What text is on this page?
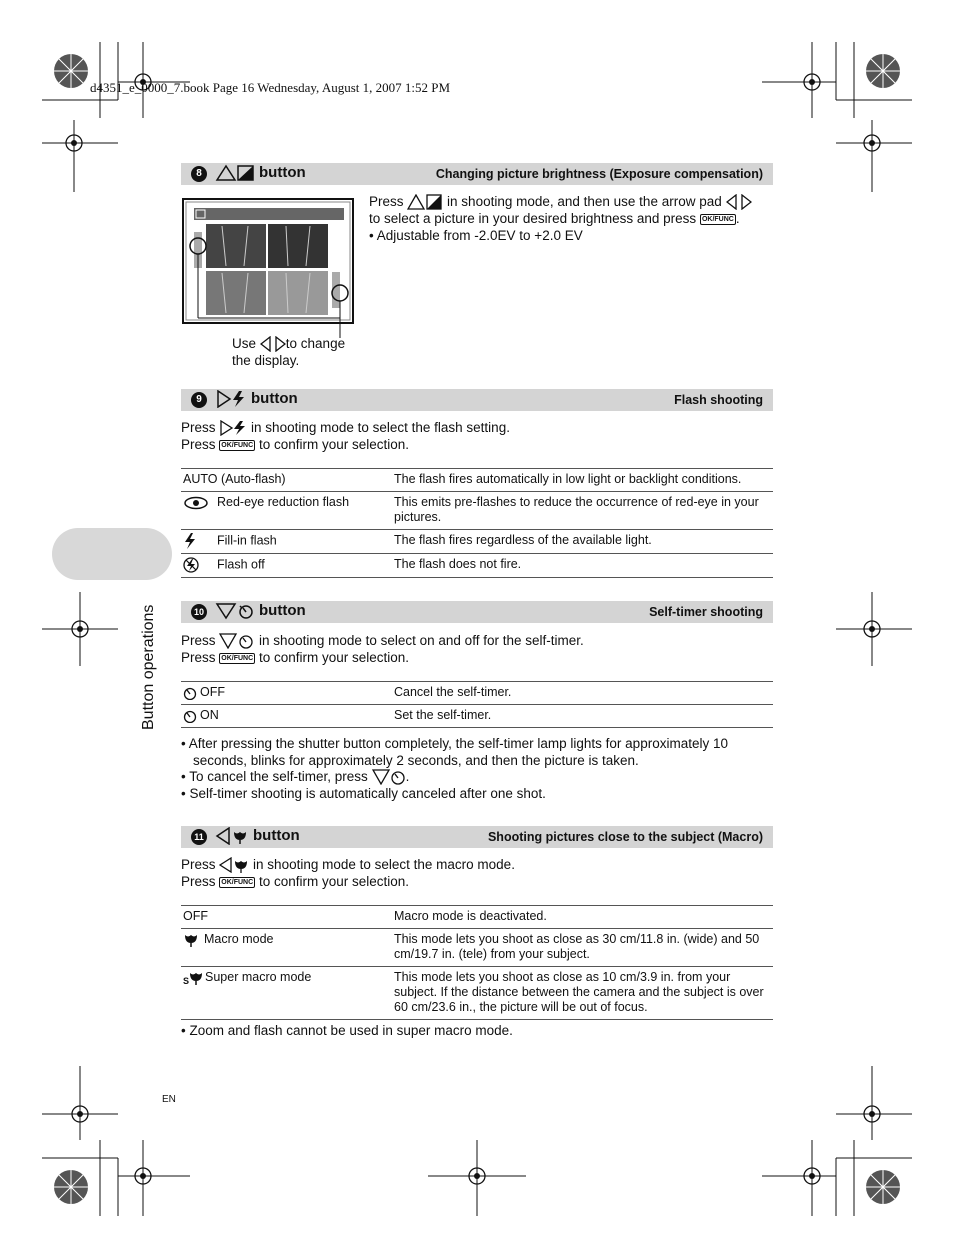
d4351_e_0000_7.book Page 16 Wednesday, August 1, 2007 1:52 PM
Button operations
8	button	Changing picture brightness (Exposure compensation)
Use to change
the display.
Press	in shooting mode, and then use the arrow pad
to select a picture in your desired brightness and press OK/FUNC .
• Adjustable from -2.0EV to +2.0 EV
9	button	Flash shooting
Press	in shooting mode to select the flash setting.
Press OK/FUNC to confirm your selection.
AUTO (Auto-flash)	The flash fires automatically in low light or backlight conditions.
Red-eye reduction flash	This emits pre-flashes to reduce the occurrence of red-eye in your pictures.
Fill-in flash	The flash fires regardless of the available light.
Flash off	The flash does not fire.
10	button	Self-timer shooting
Press	in shooting mode to select on and off for the self-timer.
Press OK/FUNC to confirm your selection.
OFF	Cancel the self-timer.
ON	Set the self-timer.
• After pressing the shutter button completely, the self-timer lamp lights for approximately 10
seconds, blinks for approximately 2 seconds, and then the picture is taken.
• To cancel the self-timer, press	.
• Self-timer shooting is automatically canceled after one shot.
11	button	Shooting pictures close to the subject (Macro)
Press	in shooting mode to select the macro mode.
Press OK/FUNC to confirm your selection.
OFF	Macro mode is deactivated.
Macro mode	This mode lets you shoot as close as 30 cm/11.8 in. (wide) and 50 cm/19.7 in. (tele) from your subject.

S Super macro mode	This mode lets you shoot as close as 10 cm/3.9 in. from your subject. If the distance between the camera and the subject is over 60 cm/23.6 in., the picture will be out of focus.
• Zoom and flash cannot be used in super macro mode.
EN
